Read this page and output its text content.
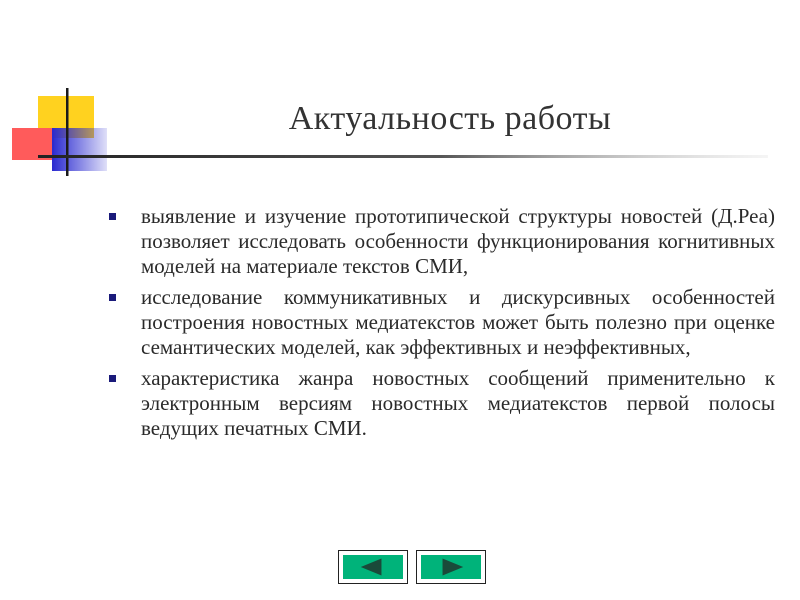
Актуальность работы
выявление и изучение прототипической структуры новостей (Д.Реа) позволяет исследовать особенности функционирования когнитивных моделей на материале текстов СМИ,
исследование коммуникативных и дискурсивных особенностей построения новостных медиатекстов может быть полезно при оценке семантических моделей, как эффективных и неэффективных,
характеристика жанра новостных сообщений применительно к электронным версиям новостных медиатекстов первой полосы ведущих печатных СМИ.
